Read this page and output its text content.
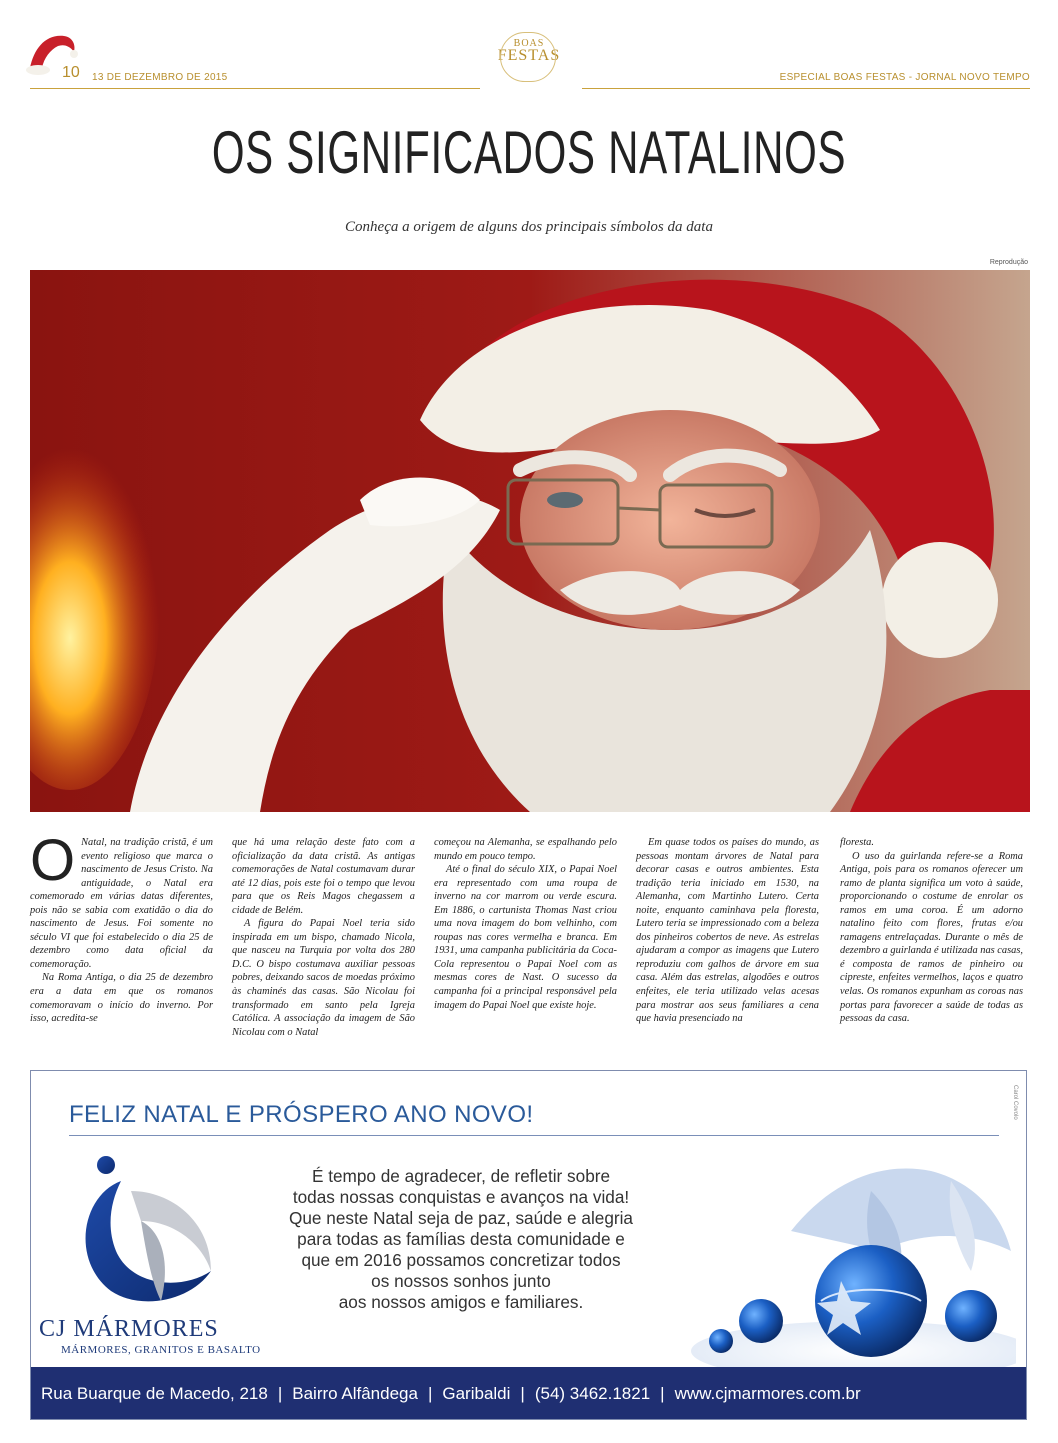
10 13 DE DEZEMBRO DE 2015
BOAS
FESTAS
ESPECIAL BOAS FESTAS - JORNAL NOVO TEMPO
OS SIGNIFICADOS NATALINOS
Conheça a origem de alguns dos principais símbolos da data
Reprodução
O Natal, na tradição cristã, é um evento religioso que marca o nascimento de Jesus Cristo. Na antiguidade, o Natal era comemorado em várias datas diferentes, pois não se sabia com exatidão o dia do nascimento de Jesus. Foi somente no século VI que foi estabelecido o dia 25 de dezembro como data oficial da comemoração.

Na Roma Antiga, o dia 25 de dezembro era a data em que os romanos comemoravam o início do inverno. Por isso, acredita-se

que há uma relação deste fato com a oficialização da data cristã. As antigas comemorações de Natal costumavam durar até 12 dias, pois este foi o tempo que levou para que os Reis Magos chegassem a cidade de Belém.

A figura do Papai Noel teria sido inspirada em um bispo, chamado Nicola, que nasceu na Turquia por volta dos 280 D.C. O bispo costumava auxiliar pessoas pobres, deixando sacos de moedas próximo às chaminés das casas. São Nicolau foi transformado em santo pela Igreja Católica. A associação da imagem de São Nicolau com o Natal

começou na Alemanha, se espalhando pelo mundo em pouco tempo.

Até o final do século XIX, o Papai Noel era representado com uma roupa de inverno na cor marrom ou verde escura. Em 1886, o cartunista Thomas Nast criou uma nova imagem do bom velhinho, com roupas nas cores vermelha e branca. Em 1931, uma campanha publicitária da Coca-Cola representou o Papai Noel com as mesmas cores de Nast. O sucesso da campanha foi a principal responsável pela imagem do Papai Noel que existe hoje.

Em quase todos os países do mundo, as pessoas montam árvores de Natal para decorar casas e outros ambientes. Esta tradição teria iniciado em 1530, na Alemanha, com Martinho Lutero. Certa noite, enquanto caminhava pela floresta, Lutero teria se impressionado com a beleza dos pinheiros cobertos de neve. As estrelas ajudaram a compor as imagens que Lutero reproduziu com galhos de árvore em sua casa. Além das estrelas, algodões e outros enfeites, ele teria utilizado velas acesas para mostrar aos seus familiares a cena que havia presenciado na

floresta.

O uso da guirlanda refere-se a Roma Antiga, pois para os romanos oferecer um ramo de planta significa um voto à saúde, proporcionando o costume de enrolar os ramos em uma coroa. É um adorno natalino feito com flores, frutas e/ou ramagens entrelaçadas. Durante o mês de dezembro a guirlanda é utilizada nas casas, é composta de ramos de pinheiro ou cipreste, enfeites vermelhos, laços e quatro velas. Os romanos expunham as coroas nas portas para favorecer a saúde de todas as pessoas da casa.

FELIZ NATAL E PRÓSPERO ANO NOVO!	Carol Covolo
CJ MÁRMORES
MÁRMORES, GRANITOS E BASALTO
É tempo de agradecer, de refletir sobre
todas nossas conquistas e avanços na vida!
Que neste Natal seja de paz, saúde e alegria
para todas as famílias desta comunidade e
que em 2016 possamos concretizar todos
os nossos sonhos junto
aos nossos amigos e familiares.
Rua Buarque de Macedo, 218 | Bairro Alfândega | Garibaldi | (54) 3462.1821 | www.cjmarmores.com.br
